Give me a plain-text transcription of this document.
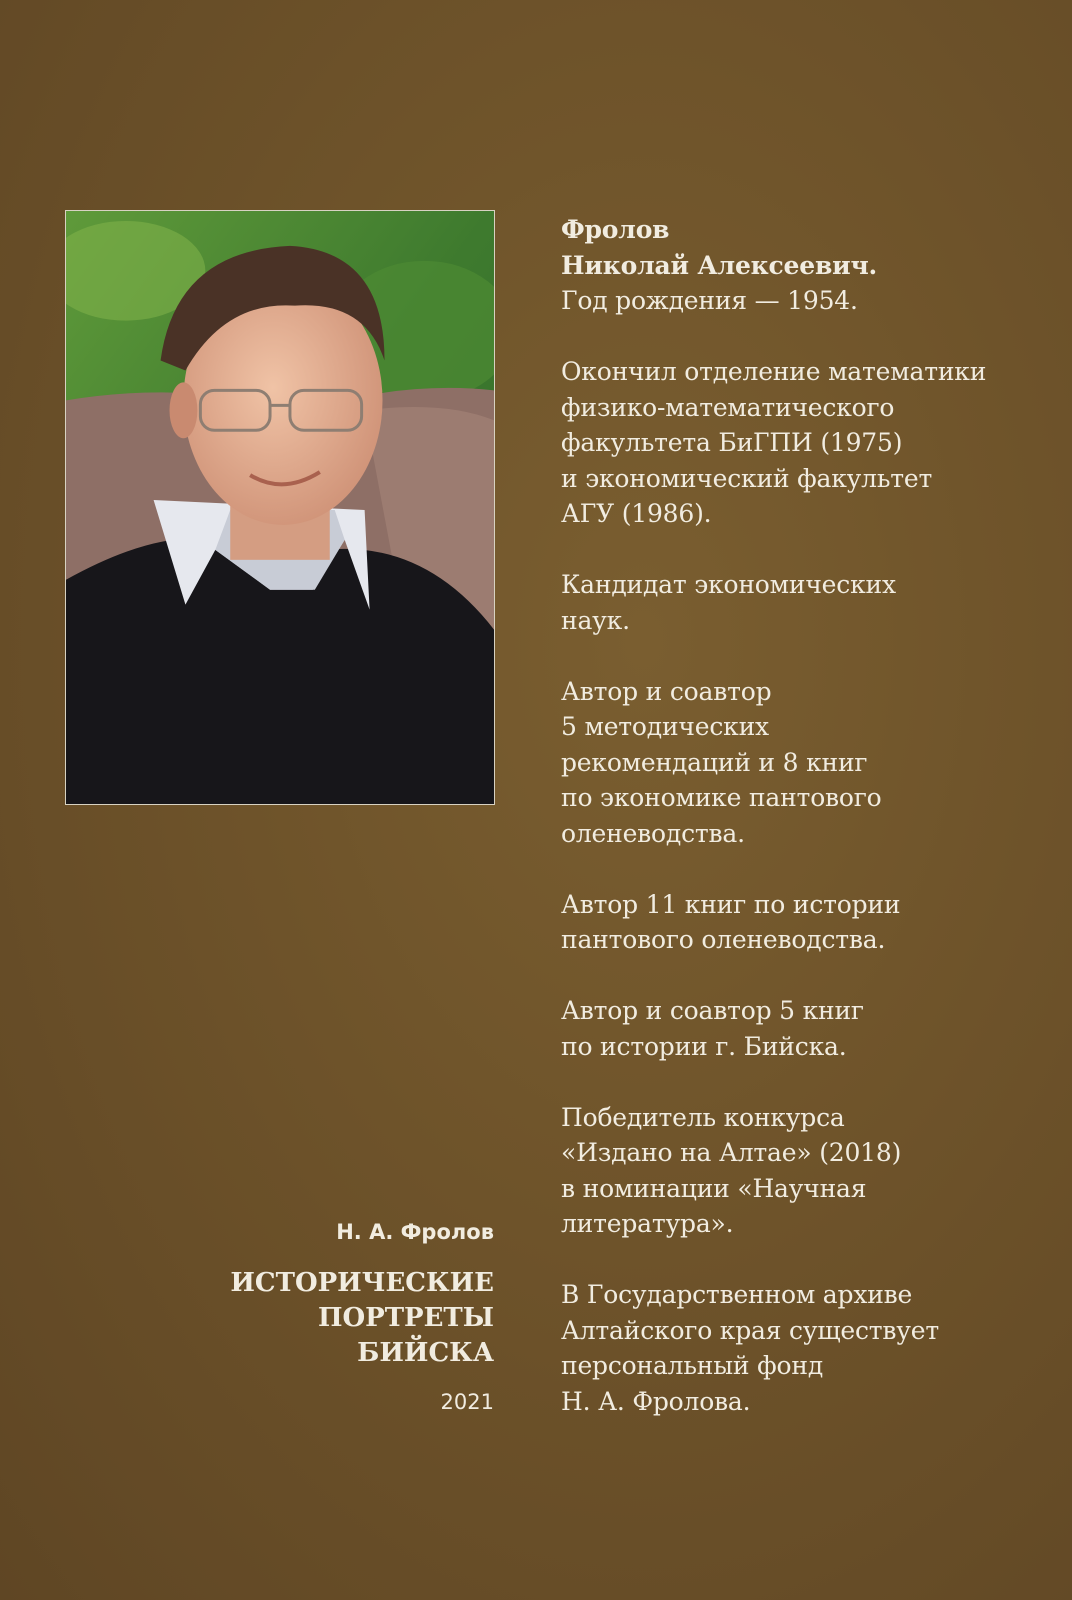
Фролов
Николай Алексеевич.
Год рождения — 1954.
Окончил отделение математики
физико-математического
факультета БиГПИ (1975)
и экономический факультет
АГУ (1986).
Кандидат экономических
наук.
Автор и соавтор
5 методических
рекомендаций и 8 книг
по экономике пантового
оленеводства.
Автор 11 книг по истории
пантового оленеводства.
Автор и соавтор 5 книг
по истории г. Бийска.
Победитель конкурса
«Издано на Алтае» (2018)
в номинации «Научная
литература».
В Государственном архиве
Алтайского края существует
персональный фонд
Н. А. Фролова.
Н. А. Фролов
ИСТОРИЧЕСКИЕ
ПОРТРЕТЫ
БИЙСКА
2021
